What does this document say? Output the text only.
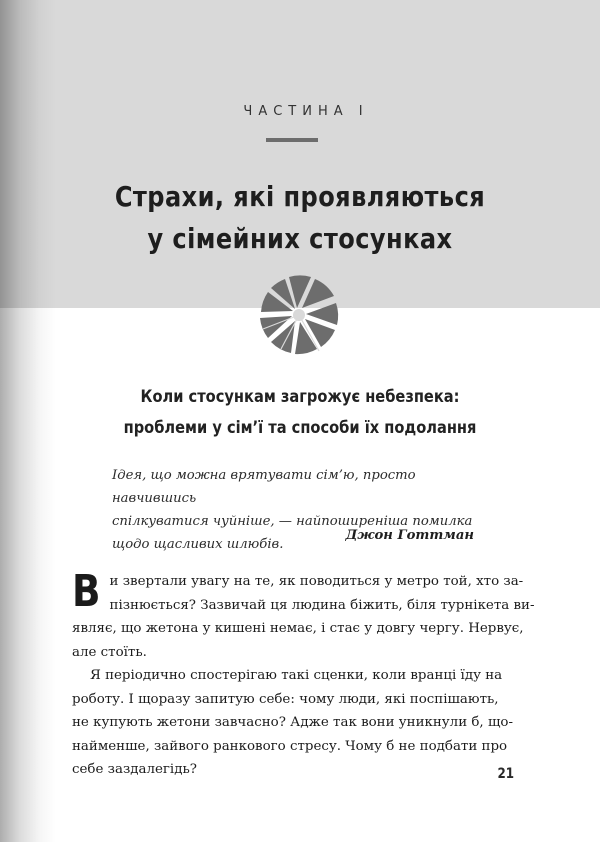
ЧАСТИНА І
Страхи, які проявляються
у сімейних стосунках
Коли стосункам загрожує небезпека:
проблеми у сім’ї та способи їх подолання
Ідея, що можна врятувати сім’ю, просто навчившись
спілкуватися чуйніше, — найпоширеніша помилка
щодо щасливих шлюбів.
Джон Готтман

В и звертали увагу на те, як поводиться у метро той, хто за-
пізнюється? Зазвичай ця людина біжить, біля турнікета ви-
являє, що жетона у кишені немає, і стає у довгу чергу. Нервує,
але стоїть.

Я періодично спостерігаю такі сценки, коли вранці їду на
роботу. І щоразу запитую себе: чому люди, які поспішають,
не купують жетони завчасно? Адже так вони уникнули б, що-
найменше, зайвого ранкового стресу. Чому б не подбати про
себе заздалегідь?	21
